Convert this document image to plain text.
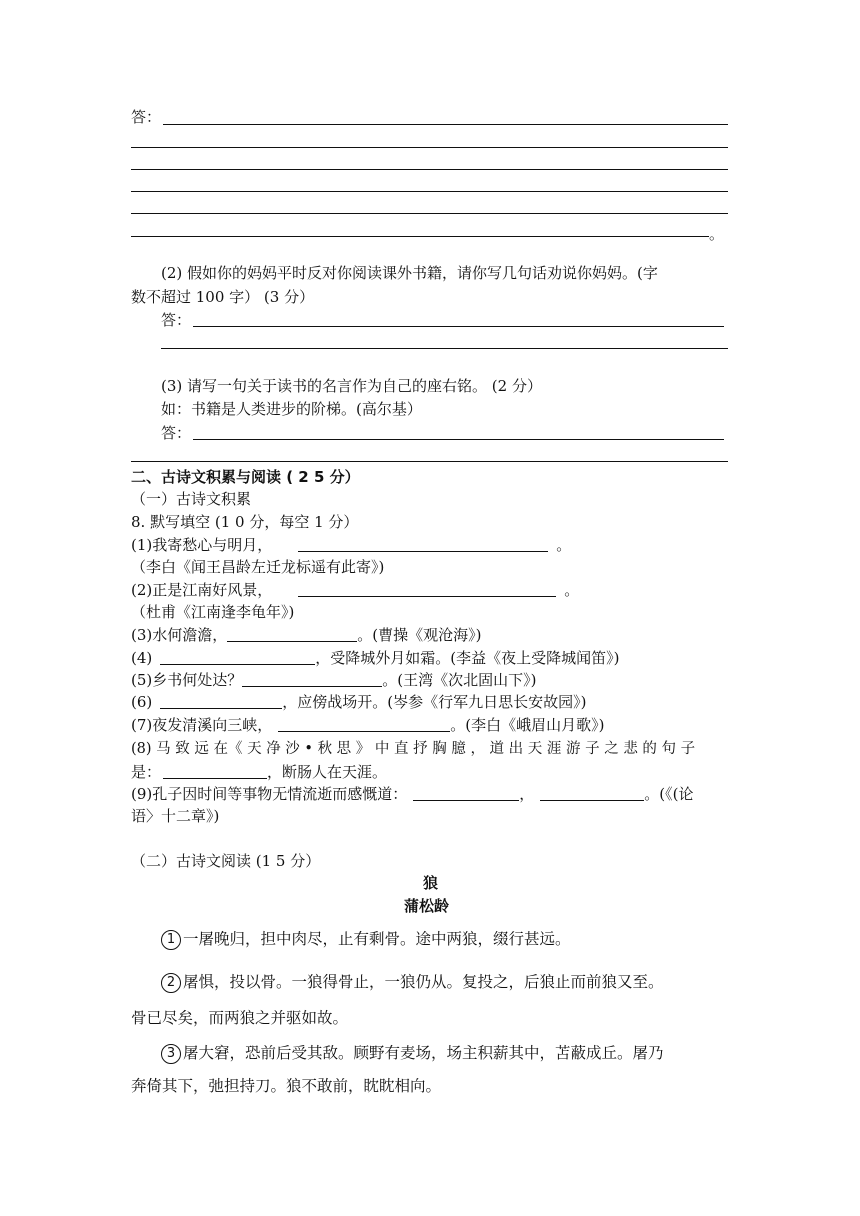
答：
。
(2) 假如你的妈妈平时反对你阅读课外书籍，请你写几句话劝说你妈妈。(字
数不超过 100 字） (3 分）
答：
(3) 请写一句关于读书的名言作为自己的座右铭。 (2 分）
如：书籍是人类进步的阶梯。(高尔基）
答：
二、古诗文积累与阅读 ( 2 5 分）
（一）古诗文积累
8. 默写填空 (1 0 分，每空 1 分）
(1)我寄愁心与明月，	。
（李白《闻王昌龄左迁龙标遥有此寄》)
(2)正是江南好风景，	。
（杜甫《江南逢李龟年》)
(3)水何澹澹，	。(曹操《观沧海》)
(4)	，受降城外月如霜。(李益《夜上受降城闻笛》)
(5)乡书何处达？	。(王湾《次北固山下》)
(6)	，应傍战场开。(岑参《行军九日思长安故园》)
(7)夜发清溪向三峡，	。(李白《峨眉山月歌》)
(8) 马 致 远 在《 天 净 沙 • 秋 思 》 中 直 抒 胸 臆 ， 道 出 天 涯 游 子 之 悲 的 句 子
是：	，断肠人在天涯。
(9)孔子因时间等事物无情流逝而感慨道：	，	。(《(论
语〉十二章》)
（二）古诗文阅读 (1 5 分）
狼
蒲松龄
1 一屠晚归，担中肉尽，止有剩骨。途中两狼，缀行甚远。
2 屠惧，投以骨。一狼得骨止，一狼仍从。复投之，后狼止而前狼又至。
骨已尽矣，而两狼之并驱如故。
3 屠大窘，恐前后受其敌。顾野有麦场，场主积薪其中，苫蔽成丘。屠乃
奔倚其下，弛担持刀。狼不敢前，眈眈相向。
